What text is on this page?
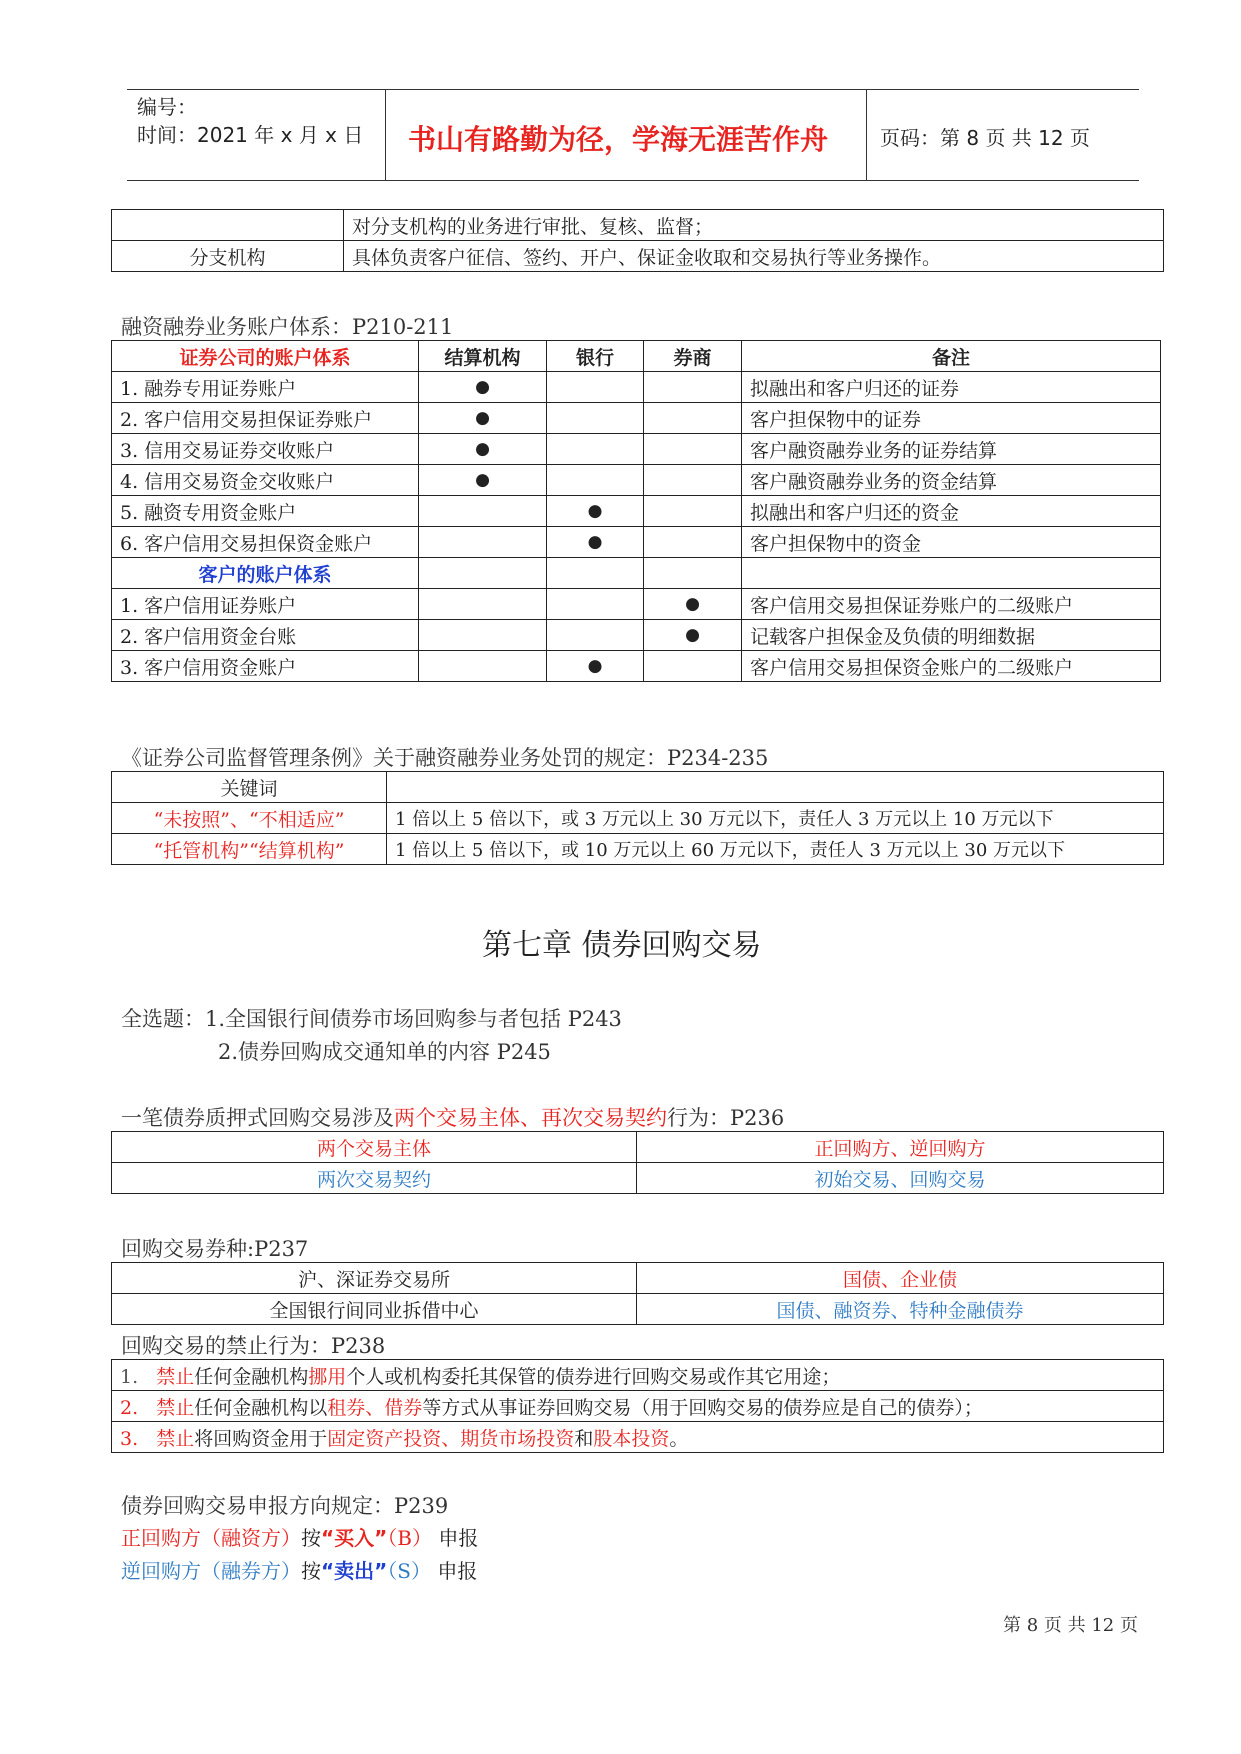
编号：
时间：2021 年 x 月 x 日 书山有路勤为径，学海无涯苦作舟	页码：第 8 页 共 12 页
	对分支机构的业务进行审批、复核、监督；
分支机构	具体负责客户征信、签约、开户、保证金收取和交易执行等业务操作。
融资融券业务账户体系：P210-211
证券公司的账户体系	结算机构	银行	券商	备注
1. 融券专用证券账户	●			拟融出和客户归还的证券
2. 客户信用交易担保证券账户	●			客户担保物中的证券
3. 信用交易证券交收账户	●			客户融资融券业务的证券结算
4. 信用交易资金交收账户	●			客户融资融券业务的资金结算
5. 融资专用资金账户		●		拟融出和客户归还的资金
6. 客户信用交易担保资金账户		●		客户担保物中的资金
客户的账户体系				
1. 客户信用证券账户			●	客户信用交易担保证券账户的二级账户
2. 客户信用资金台账			●	记载客户担保金及负债的明细数据
3. 客户信用资金账户		●		客户信用交易担保资金账户的二级账户
《证券公司监督管理条例》关于融资融券业务处罚的规定：P234-235
关键词	
“未按照”、“不相适应”	1 倍以上 5 倍以下，或 3 万元以上 30 万元以下，责任人 3 万元以上 10 万元以下
“托管机构”“结算机构”	1 倍以上 5 倍以下，或 10 万元以上 60 万元以下，责任人 3 万元以上 30 万元以下
第七章 债券回购交易
全选题：1.全国银行间债券市场回购参与者包括 P243
2.债券回购成交通知单的内容 P245
一笔债券质押式回购交易涉及两个交易主体、再次交易契约行为：P236
两个交易主体	正回购方、逆回购方
两次交易契约	初始交易、回购交易
回购交易券种:P237
沪、深证券交易所	国债、企业债
全国银行间同业拆借中心	国债、融资券、特种金融债券
回购交易的禁止行为：P238
1. 禁止任何金融机构挪用个人或机构委托其保管的债券进行回购交易或作其它用途；
2. 禁止任何金融机构以租券、借券等方式从事证券回购交易（用于回购交易的债券应是自己的债券）；
3. 禁止将回购资金用于固定资产投资、期货市场投资和股本投资。
债券回购交易申报方向规定：P239
正回购方（融资方）按“买入”（B） 申报
逆回购方（融券方）按“卖出”（S） 申报
第 8 页 共 12 页
